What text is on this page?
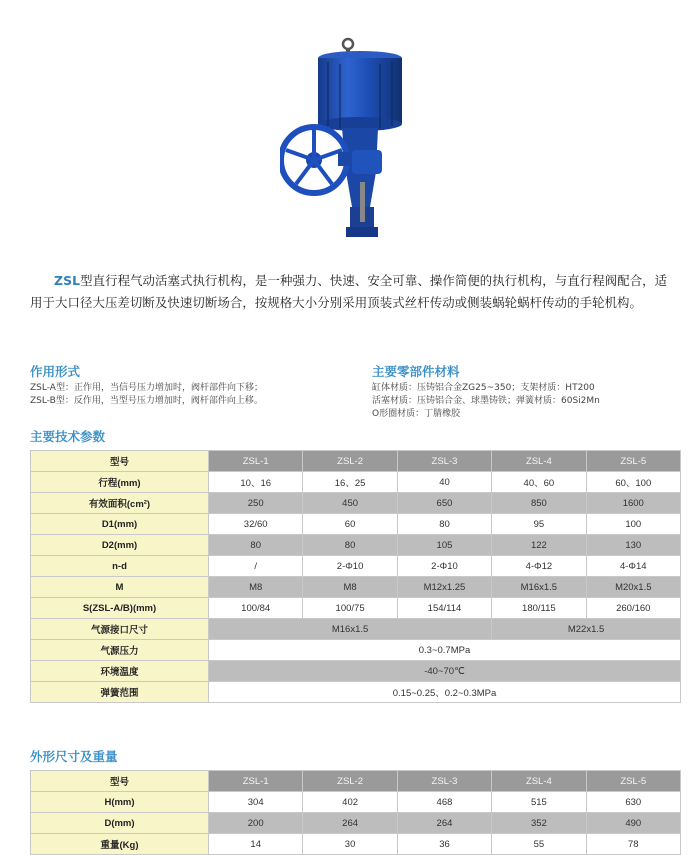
ZSL型直行程气动活塞式执行机构，是一种强力、快速、安全可靠、操作简便的执行机构，与直行程阀配合，适用于大口径大压差切断及快速切断场合，按规格大小分别采用顶装式丝杆传动或侧装蜗轮蜗杆传动的手轮机构。

作用形式
ZSL-A型：正作用，当信号压力增加时，阀杆部件向下移；
ZSL-B型：反作用，当型号压力增加时，阀杆部件向上移。
主要零部件材料
缸体材质：压铸铝合金ZG25~350；支架材质：HT200
活塞材质：压铸铝合金、球墨铸铁；弹簧材质：60Si2Mn
O形圈材质：丁腈橡胶
主要技术参数
型号	ZSL-1	ZSL-2	ZSL-3	ZSL-4	ZSL-5
行程(mm)	10、16	16、25	40	40、60	60、100
有效面积(cm²)	250	450	650	850	1600
D1(mm)	32/60	60	80	95	100
D2(mm)	80	80	105	122	130
n-d	/	2-Φ10	2-Φ10	4-Φ12	4-Φ14
M	M8	M8	M12x1.25	M16x1.5	M20x1.5
S(ZSL-A/B)(mm)	100/84	100/75	154/114	180/115	260/160
气源接口尺寸	M16x1.5			M22x1.5	
气源压力	0.3~0.7MPa				
环境温度	-40~70℃				
弹簧范围	0.15~0.25、0.2~0.3MPa				
外形尺寸及重量
型号	ZSL-1	ZSL-2	ZSL-3	ZSL-4	ZSL-5
H(mm)	304	402	468	515	630
D(mm)	200	264	264	352	490
重量(Kg)	14	30	36	55	78
